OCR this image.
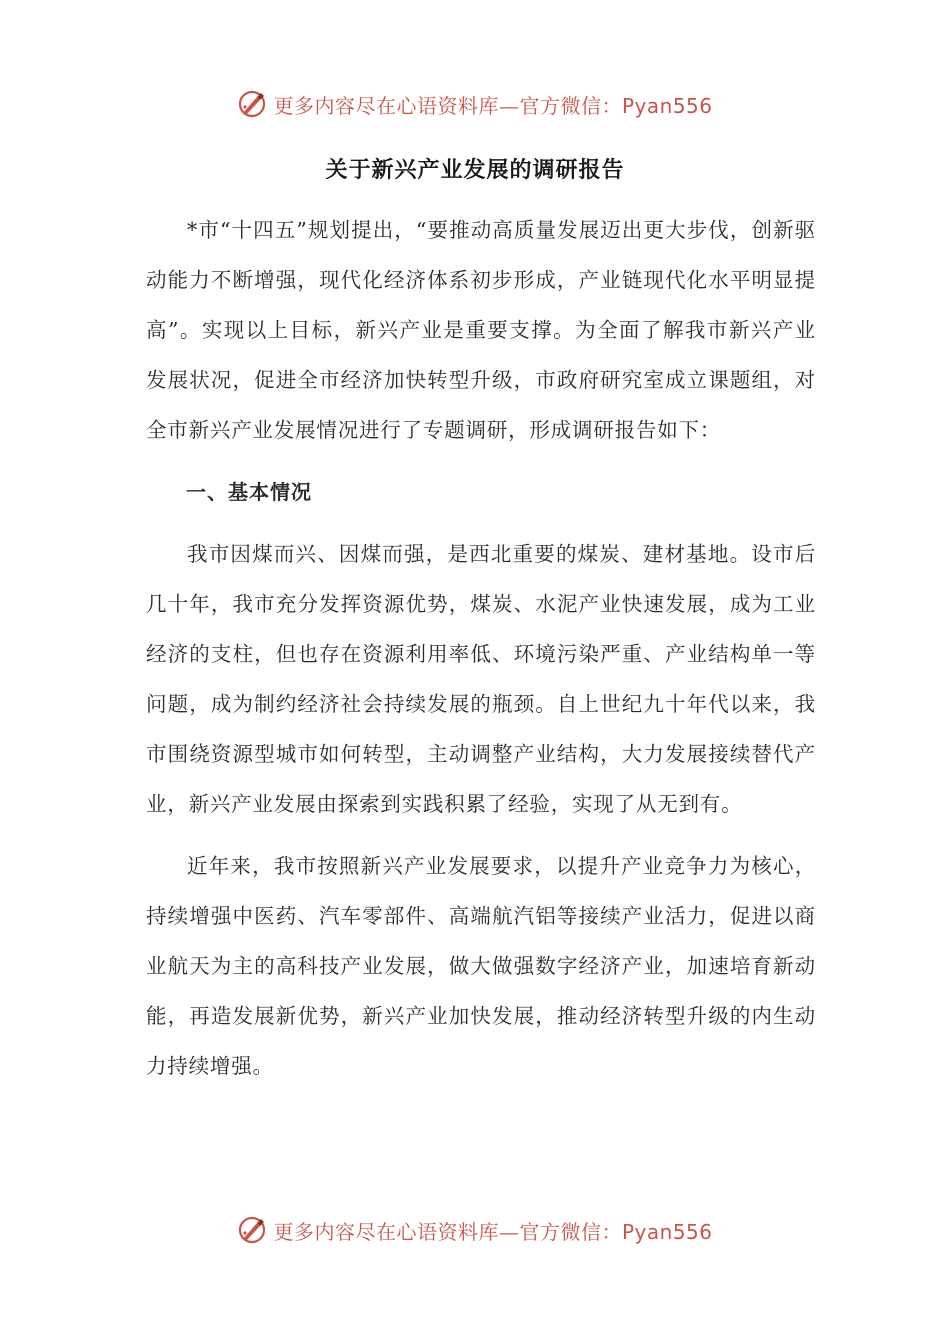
更多内容尽在心语资料库—官方微信：Pyan556
关于新兴产业发展的调研报告

*市“十四五”规划提出，“要推动高质量发展迈出更大步伐，创新驱动能力不断增强，现代化经济体系初步形成，产业链现代化水平明显提高”。实现以上目标，新兴产业是重要支撑。为全面了解我市新兴产业发展状况，促进全市经济加快转型升级，市政府研究室成立课题组，对全市新兴产业发展情况进行了专题调研，形成调研报告如下：

一、基本情况

我市因煤而兴、因煤而强，是西北重要的煤炭、建材基地。设市后几十年，我市充分发挥资源优势，煤炭、水泥产业快速发展，成为工业经济的支柱，但也存在资源利用率低、环境污染严重、产业结构单一等问题，成为制约经济社会持续发展的瓶颈。自上世纪九十年代以来，我市围绕资源型城市如何转型，主动调整产业结构，大力发展接续替代产业，新兴产业发展由探索到实践积累了经验，实现了从无到有。

近年来，我市按照新兴产业发展要求，以提升产业竞争力为核心，持续增强中医药、汽车零部件、高端航汽铝等接续产业活力，促进以商业航天为主的高科技产业发展，做大做强数字经济产业，加速培育新动能，再造发展新优势，新兴产业加快发展，推动经济转型升级的内生动力持续增强。

更多内容尽在心语资料库—官方微信：Pyan556
